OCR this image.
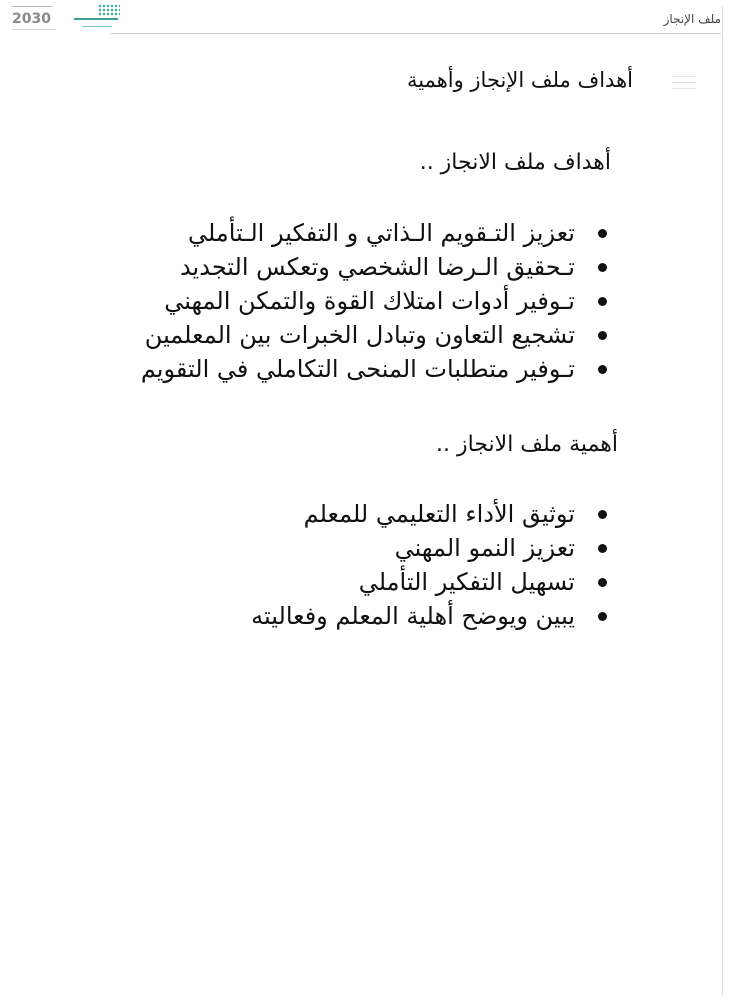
2030	ملف الإنجاز
أهداف ملف الإنجاز وأهمية
أهداف ملف الانجاز ..
تعزيز التـقويم الـذاتي و التفكير الـتأملي
تـحقيق الـرضا الشخصي وتعكس التجديد
تـوفير أدوات امتلاك القوة والتمكن المهني
تشجيع التعاون وتبادل الخبرات بين المعلمين
تـوفير متطلبات المنحى التكاملي في التقويم
أهمية ملف الانجاز ..
توثيق الأداء التعليمي للمعلم
تعزيز النمو المهني
تسهيل التفكير التأملي
يبين ويوضح أهلية المعلم وفعاليته
